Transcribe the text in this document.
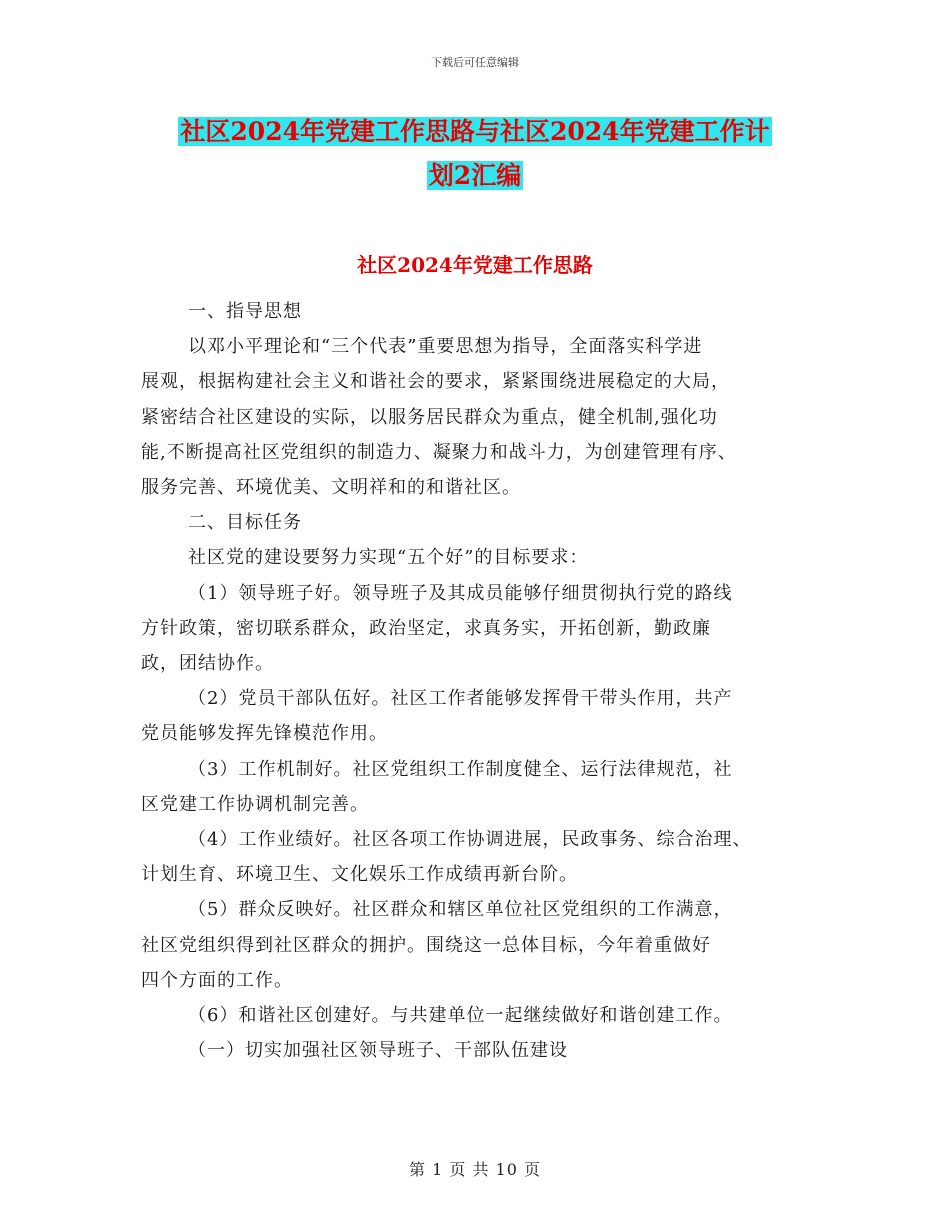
下载后可任意编辑
社区2024年党建工作思路与社区2024年党建工作计
划2汇编
社区2024年党建工作思路
一、指导思想
以邓小平理论和“三个代表”重要思想为指导，全面落实科学进
展观，根据构建社会主义和谐社会的要求，紧紧围绕进展稳定的大局，
紧密结合社区建设的实际，以服务居民群众为重点，健全机制,强化功
能,不断提高社区党组织的制造力、凝聚力和战斗力，为创建管理有序、
服务完善、环境优美、文明祥和的和谐社区。
二、目标任务
社区党的建设要努力实现“五个好”的目标要求：
（1）领导班子好。领导班子及其成员能够仔细贯彻执行党的路线
方针政策，密切联系群众，政治坚定，求真务实，开拓创新，勤政廉
政，团结协作。
（2）党员干部队伍好。社区工作者能够发挥骨干带头作用，共产
党员能够发挥先锋模范作用。
（3）工作机制好。社区党组织工作制度健全、运行法律规范，社
区党建工作协调机制完善。
（4）工作业绩好。社区各项工作协调进展，民政事务、综合治理、
计划生育、环境卫生、文化娱乐工作成绩再新台阶。
（5）群众反映好。社区群众和辖区单位社区党组织的工作满意，
社区党组织得到社区群众的拥护。围绕这一总体目标，今年着重做好
四个方面的工作。
（6）和谐社区创建好。与共建单位一起继续做好和谐创建工作。
（一）切实加强社区领导班子、干部队伍建设
第 1 页 共 10 页
